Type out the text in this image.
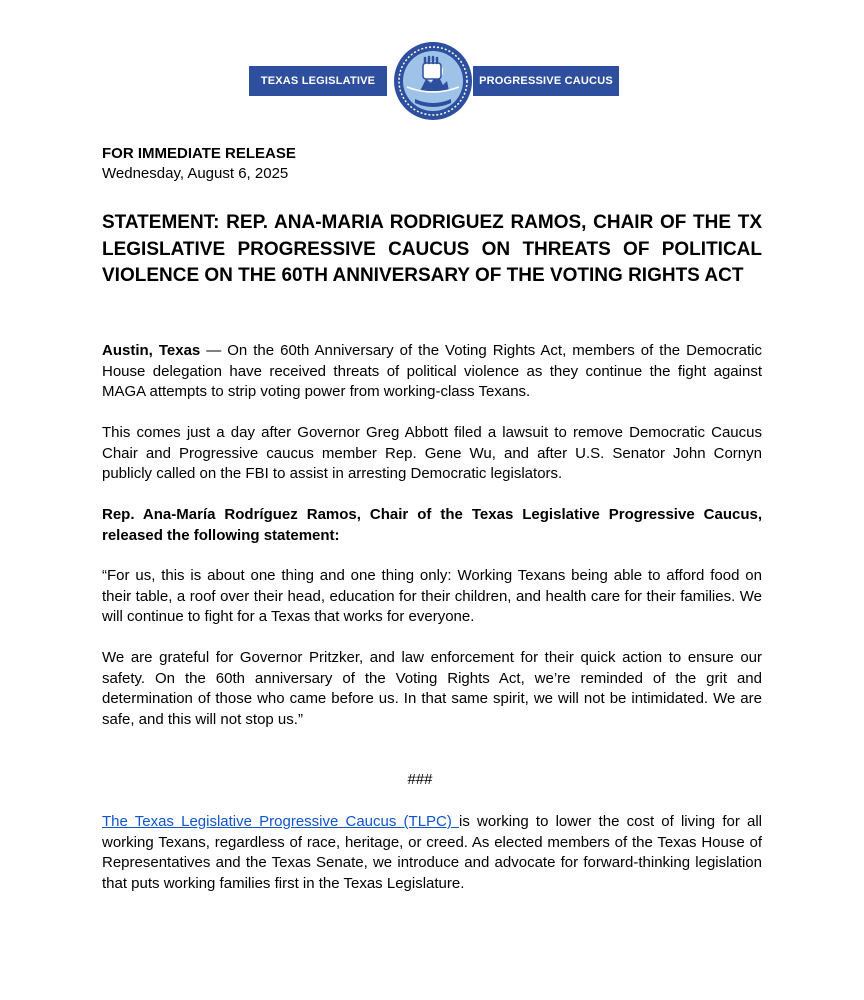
TEXAS LEGISLATIVE	PROGRESSIVE CAUCUS
FOR IMMEDIATE RELEASE
Wednesday, August 6, 2025
STATEMENT: REP. ANA-MARIA RODRIGUEZ RAMOS, CHAIR OF THE TX LEGISLATIVE PROGRESSIVE CAUCUS ON THREATS OF POLITICAL VIOLENCE ON THE 60TH ANNIVERSARY OF THE VOTING RIGHTS ACT

Austin, Texas — On the 60th Anniversary of the Voting Rights Act, members of the Democratic House delegation have received threats of political violence as they continue the fight against MAGA attempts to strip voting power from working-class Texans.

This comes just a day after Governor Greg Abbott filed a lawsuit to remove Democratic Caucus Chair and Progressive caucus member Rep. Gene Wu, and after U.S. Senator John Cornyn publicly called on the FBI to assist in arresting Democratic legislators.

Rep. Ana-María Rodríguez Ramos, Chair of the Texas Legislative Progressive Caucus, released the following statement:

“For us, this is about one thing and one thing only: Working Texans being able to afford food on their table, a roof over their head, education for their children, and health care for their families. We will continue to fight for a Texas that works for everyone.

We are grateful for Governor Pritzker, and law enforcement for their quick action to ensure our safety. On the 60th anniversary of the Voting Rights Act, we’re reminded of the grit and determination of those who came before us. In that same spirit, we will not be intimidated. We are safe, and this will not stop us.”

###

The Texas Legislative Progressive Caucus (TLPC) is working to lower the cost of living for all working Texans, regardless of race, heritage, or creed. As elected members of the Texas House of Representatives and the Texas Senate, we introduce and advocate for forward-thinking legislation that puts working families first in the Texas Legislature.
